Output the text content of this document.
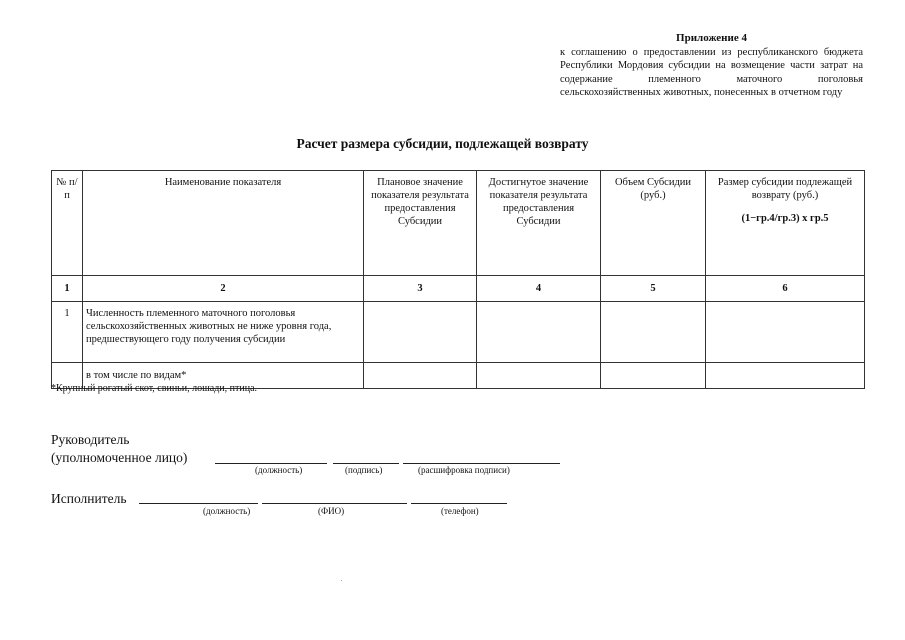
Приложение 4
к соглашению о предоставлении из республиканского бюджета Республики Мордовия субсидии на возмещение части затрат на содержание племенного маточного поголовья сельскохозяйственных животных, понесенных в отчетном году
Расчет размера субсидии, подлежащей возврату
№ п/п	Наименование показателя	Плановое значение показателя результата предоставления Субсидии	Достигнутое значение показателя результата предоставления Субсидии	Объем Субсидии (руб.)	Размер субсидии подлежащей возврату (руб.)
(1−гр.4/гр.3) x гр.5

1	2	3	4	5	6
1	Численность племенного маточного поголовья сельскохозяйственных животных не ниже уровня года, предшествующего году получения субсидии				
	в том числе по видам*				
*Крупный рогатый скот, свиньи, лошади, птица.
Руководитель
(уполномоченное лицо)
(должность)	(подпись)	(расшифровка подписи)
Исполнитель
(должность)	(ФИО)	(телефон)
